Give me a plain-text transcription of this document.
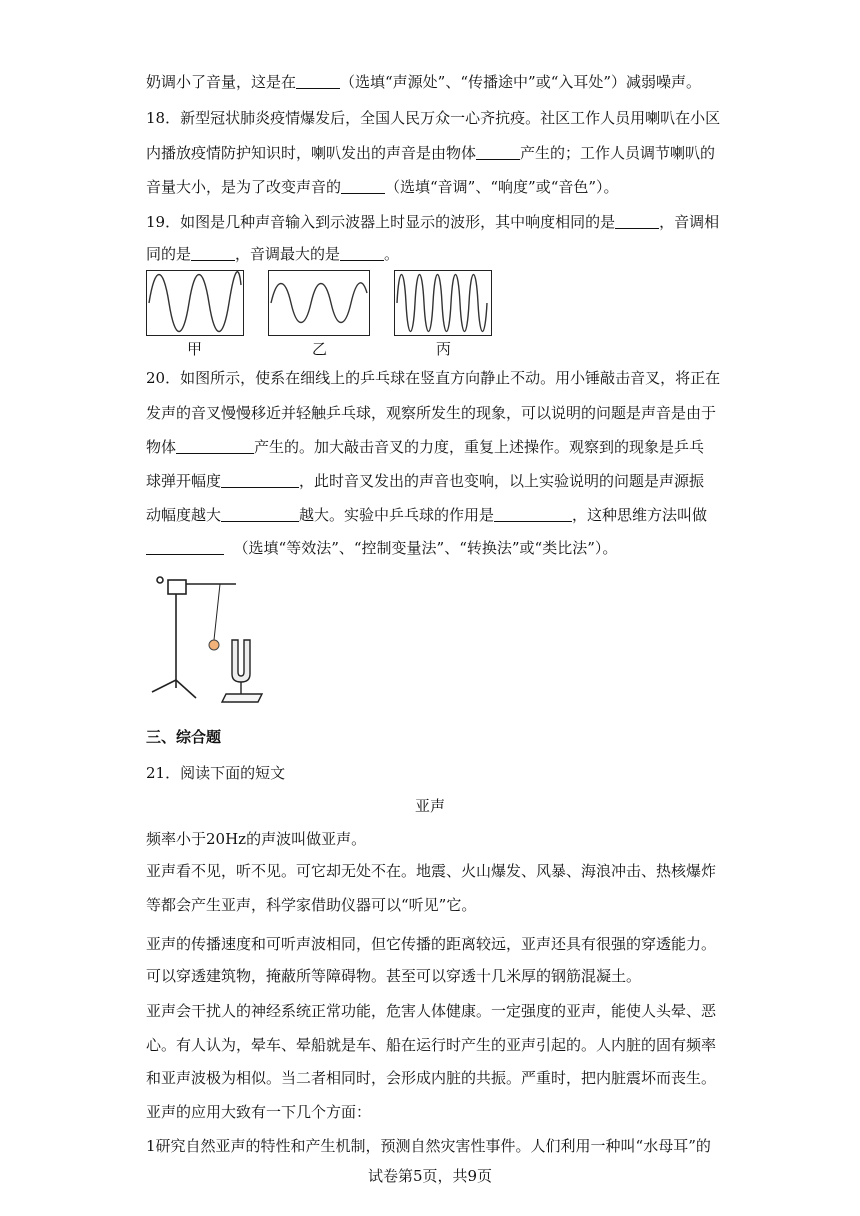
奶调小了音量，这是在	（选填“声源处”、“传播途中”或“入耳处”）减弱噪声。
18．新型冠状肺炎疫情爆发后，全国人民万众一心齐抗疫。社区工作人员用喇叭在小区
内播放疫情防护知识时，喇叭发出的声音是由物体	产生的；工作人员调节喇叭的
音量大小，是为了改变声音的	（选填“音调”、“响度”或“音色”）。
19．如图是几种声音输入到示波器上时显示的波形，其中响度相同的是	，音调相
同的是	，音调最大的是	。
甲	乙	丙
20．如图所示，使系在细线上的乒乓球在竖直方向静止不动。用小锤敲击音叉，将正在
发声的音叉慢慢移近并轻触乒乓球，观察所发生的现象，可以说明的问题是声音是由于
物体	产生的。加大敲击音叉的力度，重复上述操作。观察到的现象是乒乓
球弹开幅度	，此时音叉发出的声音也变响，以上实验说明的问题是声源振
动幅度越大	越大。实验中乒乓球的作用是	，这种思维方法叫做
（选填“等效法”、“控制变量法”、“转换法”或“类比法”）。
三、综合题
21．阅读下面的短文
亚声
频率小于20Hz的声波叫做亚声。
亚声看不见，听不见。可它却无处不在。地震、火山爆发、风暴、海浪冲击、热核爆炸
等都会产生亚声，科学家借助仪器可以“听见”它。
亚声的传播速度和可听声波相同，但它传播的距离较远，亚声还具有很强的穿透能力。
可以穿透建筑物，掩蔽所等障碍物。甚至可以穿透十几米厚的钢筋混凝土。
亚声会干扰人的神经系统正常功能，危害人体健康。一定强度的亚声，能使人头晕、恶
心。有人认为，晕车、晕船就是车、船在运行时产生的亚声引起的。人内脏的固有频率
和亚声波极为相似。当二者相同时，会形成内脏的共振。严重时，把内脏震坏而丧生。
亚声的应用大致有一下几个方面：
1研究自然亚声的特性和产生机制，预测自然灾害性事件。人们利用一种叫“水母耳”的
试卷第5页，共9页
